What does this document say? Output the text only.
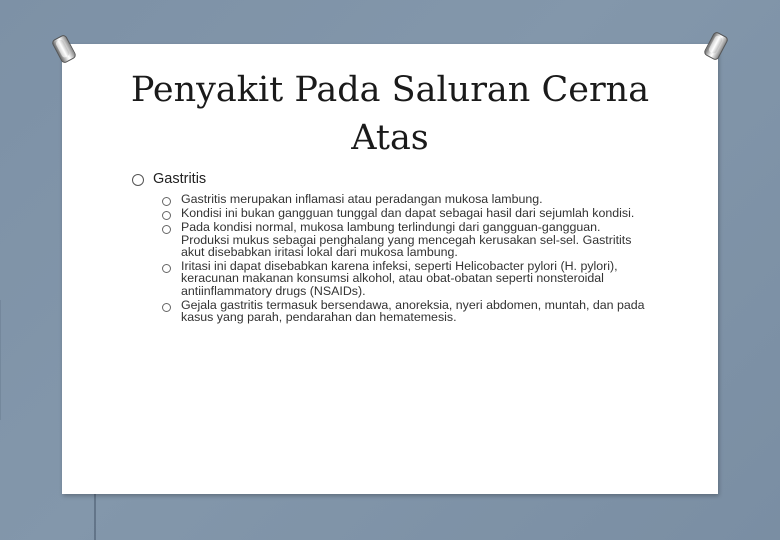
Penyakit Pada Saluran Cerna
Atas
Gastritis
Gastritis merupakan inflamasi atau peradangan mukosa lambung.
Kondisi ini bukan gangguan tunggal dan dapat sebagai hasil dari sejumlah kondisi.
Pada kondisi normal, mukosa lambung terlindungi dari gangguan-gangguan. Produksi mukus sebagai penghalang yang mencegah kerusakan sel-sel. Gastritits akut disebabkan iritasi lokal dari mukosa lambung.
Iritasi ini dapat disebabkan karena infeksi, seperti Helicobacter pylori (H. pylori), keracunan makanan konsumsi alkohol, atau obat-obatan seperti nonsteroidal antiinflammatory drugs (NSAIDs).
Gejala gastritis termasuk bersendawa, anoreksia, nyeri abdomen, muntah, dan pada kasus yang parah, pendarahan dan hematemesis.
